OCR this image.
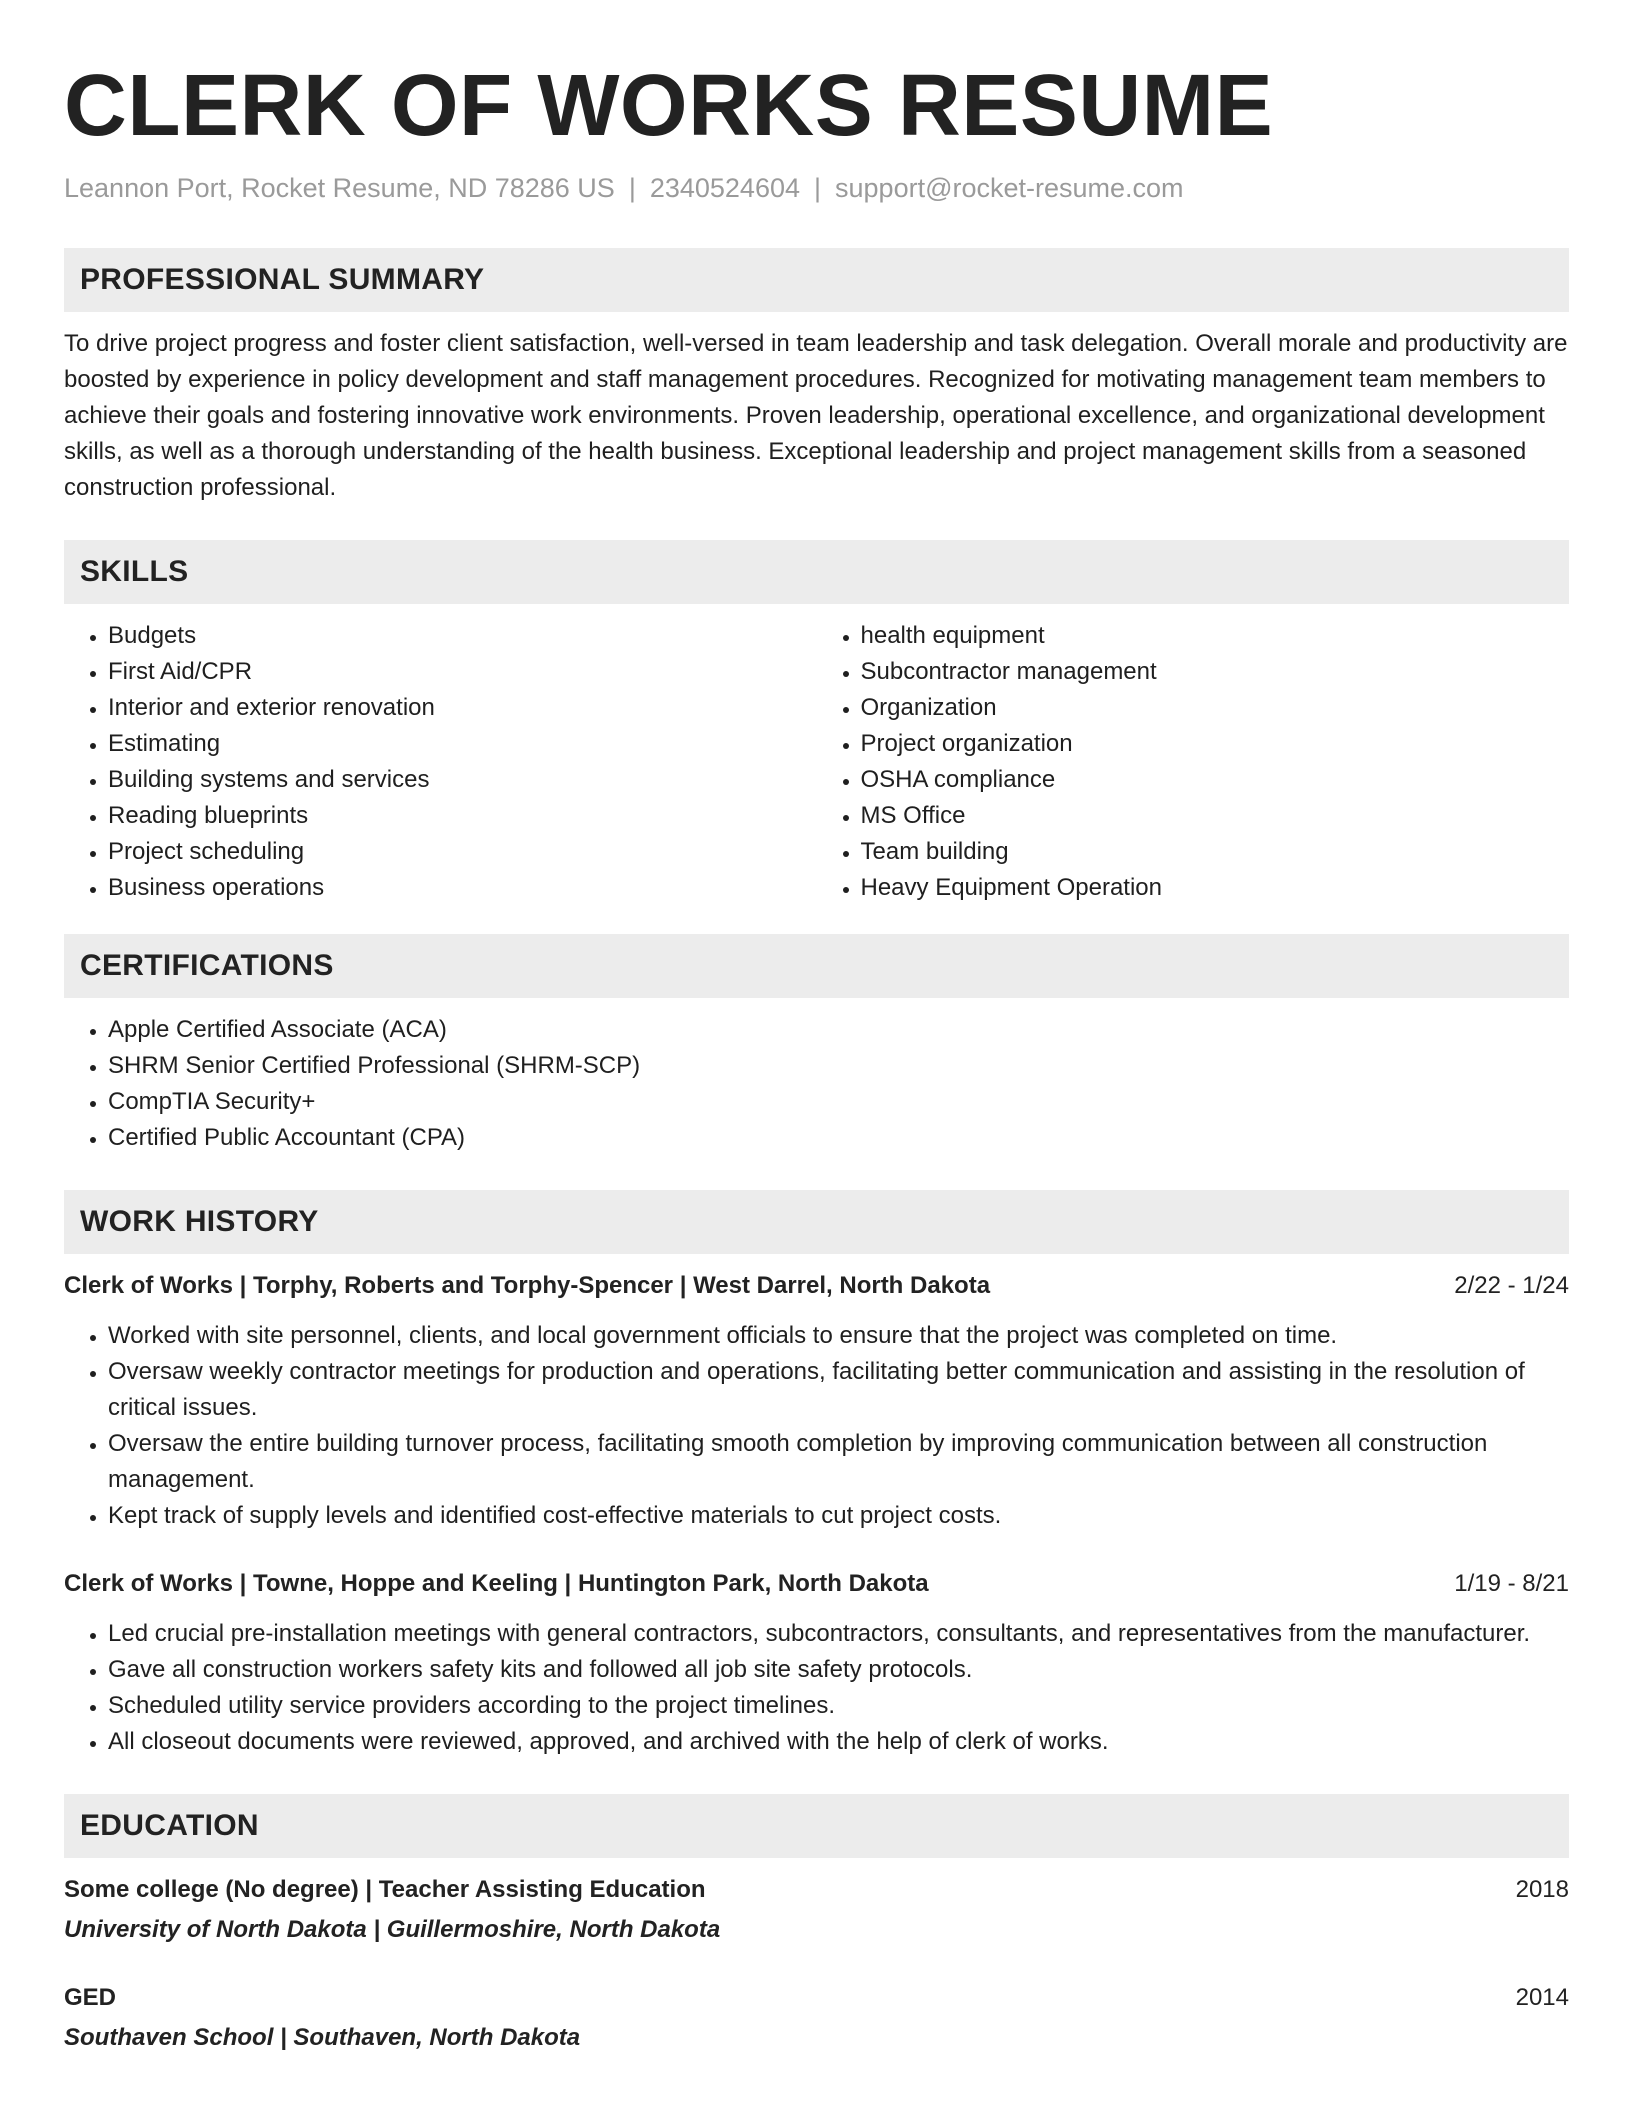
CLERK OF WORKS RESUME
Leannon Port, Rocket Resume, ND 78286 US | 2340524604 | support@rocket-resume.com
PROFESSIONAL SUMMARY

To drive project progress and foster client satisfaction, well-versed in team leadership and task delegation. Overall morale and productivity are boosted by experience in policy development and staff management procedures. Recognized for motivating management team members to achieve their goals and fostering innovative work environments. Proven leadership, operational excellence, and organizational development skills, as well as a thorough understanding of the health business. Exceptional leadership and project management skills from a seasoned construction professional.

SKILLS
• Budgets
• First Aid/CPR
• Interior and exterior renovation
• Estimating
• Building systems and services
• Reading blueprints
• Project scheduling
• Business operations
• health equipment
• Subcontractor management
• Organization
• Project organization
• OSHA compliance
• MS Office
• Team building
• Heavy Equipment Operation
CERTIFICATIONS
• Apple Certified Associate (ACA)
• SHRM Senior Certified Professional (SHRM-SCP)
• CompTIA Security+
• Certified Public Accountant (CPA)
WORK HISTORY
Clerk of Works | Torphy, Roberts and Torphy-Spencer | West Darrel, North Dakota	2/22 - 1/24
• Worked with site personnel, clients, and local government officials to ensure that the project was completed on time.
• Oversaw weekly contractor meetings for production and operations, facilitating better communication and assisting in the resolution of critical issues.
• Oversaw the entire building turnover process, facilitating smooth completion by improving communication between all construction management.
• Kept track of supply levels and identified cost-effective materials to cut project costs.
Clerk of Works | Towne, Hoppe and Keeling | Huntington Park, North Dakota	1/19 - 8/21
• Led crucial pre-installation meetings with general contractors, subcontractors, consultants, and representatives from the manufacturer.
• Gave all construction workers safety kits and followed all job site safety protocols.
• Scheduled utility service providers according to the project timelines.
• All closeout documents were reviewed, approved, and archived with the help of clerk of works.
EDUCATION
Some college (No degree) | Teacher Assisting Education	2018
University of North Dakota | Guillermoshire, North Dakota
GED	2014
Southaven School | Southaven, North Dakota
